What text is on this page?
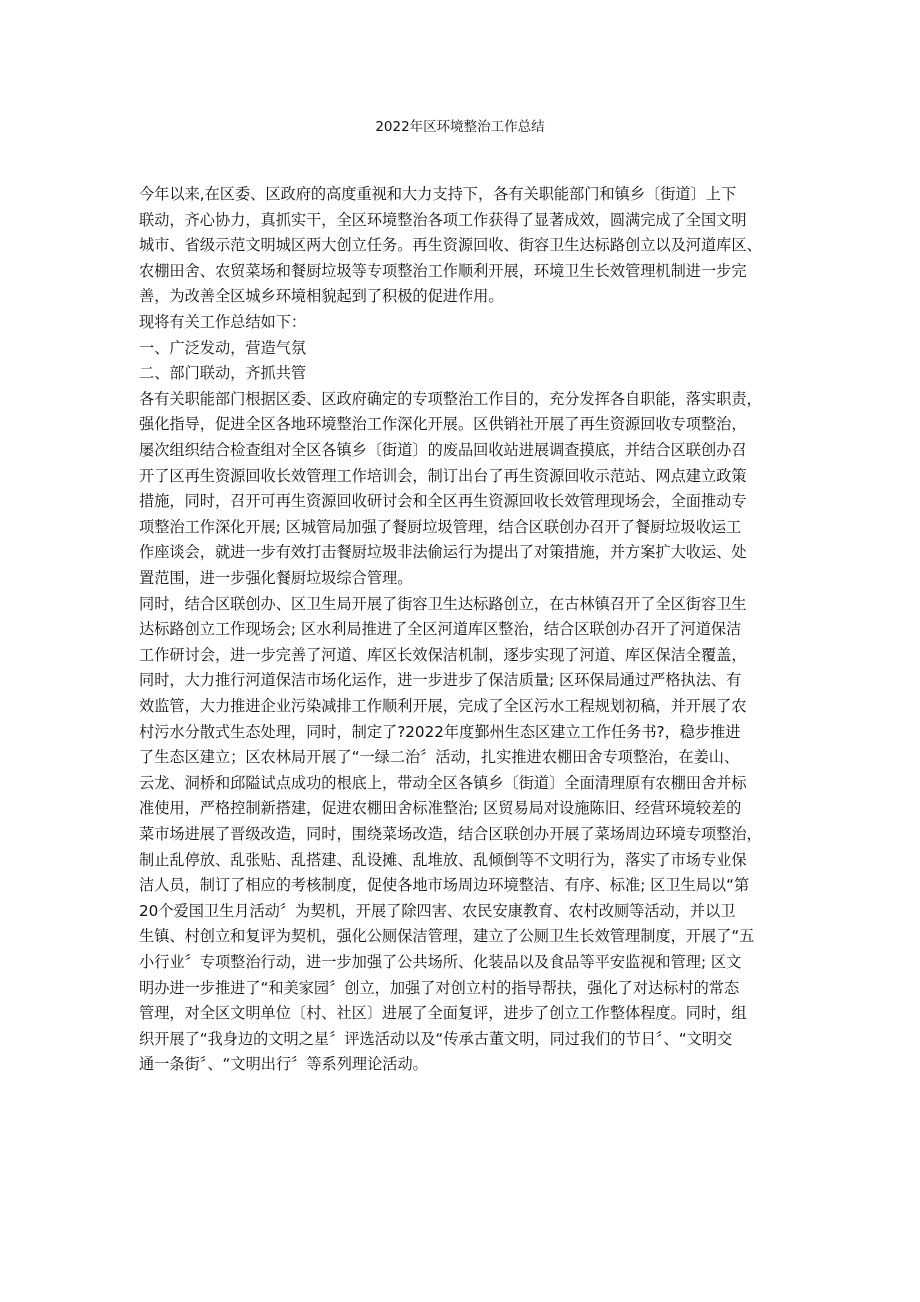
2022年区环境整治工作总结
今年以来,在区委、区政府的高度重视和大力支持下，各有关职能部门和镇乡〔街道〕上下
联动，齐心协力，真抓实干，全区环境整治各项工作获得了显著成效，圆满完成了全国文明
城市、省级示范文明城区两大创立任务。再生资源回收、街容卫生达标路创立以及河道库区、
农棚田舍、农贸菜场和餐厨垃圾等专项整治工作顺利开展，环境卫生长效管理机制进一步完
善，为改善全区城乡环境相貌起到了积极的促进作用。
现将有关工作总结如下：
一、广泛发动，营造气氛
二、部门联动，齐抓共管
各有关职能部门根据区委、区政府确定的专项整治工作目的，充分发挥各自职能，落实职责，
强化指导，促进全区各地环境整治工作深化开展。区供销社开展了再生资源回收专项整治，
屡次组织结合检查组对全区各镇乡〔街道〕的废品回收站进展调查摸底，并结合区联创办召
开了区再生资源回收长效管理工作培训会，制订出台了再生资源回收示范站、网点建立政策
措施，同时，召开可再生资源回收研讨会和全区再生资源回收长效管理现场会，全面推动专
项整治工作深化开展; 区城管局加强了餐厨垃圾管理，结合区联创办召开了餐厨垃圾收运工
作座谈会，就进一步有效打击餐厨垃圾非法偷运行为提出了对策措施，并方案扩大收运、处
置范围，进一步强化餐厨垃圾综合管理。
同时，结合区联创办、区卫生局开展了街容卫生达标路创立，在古林镇召开了全区街容卫生
达标路创立工作现场会; 区水利局推进了全区河道库区整治，结合区联创办召开了河道保洁
工作研讨会，进一步完善了河道、库区长效保洁机制，逐步实现了河道、库区保洁全覆盖，
同时，大力推行河道保洁市场化运作，进一步进步了保洁质量; 区环保局通过严格执法、有
效监管，大力推进企业污染减排工作顺利开展，完成了全区污水工程规划初稿，并开展了农
村污水分散式生态处理，同时，制定了?2022年度鄞州生态区建立工作任务书?，稳步推进
了生态区建立；区农林局开展了“一绿二治〞活动，扎实推进农棚田舍专项整治，在姜山、
云龙、洞桥和邱隘试点成功的根底上，带动全区各镇乡〔街道〕全面清理原有农棚田舍并标
准使用，严格控制新搭建，促进农棚田舍标准整治; 区贸易局对设施陈旧、经营环境较差的
菜市场进展了晋级改造，同时，围绕菜场改造，结合区联创办开展了菜场周边环境专项整治，
制止乱停放、乱张贴、乱搭建、乱设摊、乱堆放、乱倾倒等不文明行为，落实了市场专业保
洁人员，制订了相应的考核制度，促使各地市场周边环境整洁、有序、标准; 区卫生局以“第
20个爱国卫生月活动〞为契机，开展了除四害、农民安康教育、农村改厕等活动，并以卫
生镇、村创立和复评为契机，强化公厕保洁管理，建立了公厕卫生长效管理制度，开展了“五
小行业〞专项整治行动，进一步加强了公共场所、化装品以及食品等平安监视和管理; 区文
明办进一步推进了“和美家园〞创立，加强了对创立村的指导帮扶，强化了对达标村的常态
管理，对全区文明单位〔村、社区〕进展了全面复评，进步了创立工作整体程度。同时，组
织开展了“我身边的文明之星〞评选活动以及“传承古董文明，同过我们的节日〞、“文明交
通一条街〞、“文明出行〞等系列理论活动。
